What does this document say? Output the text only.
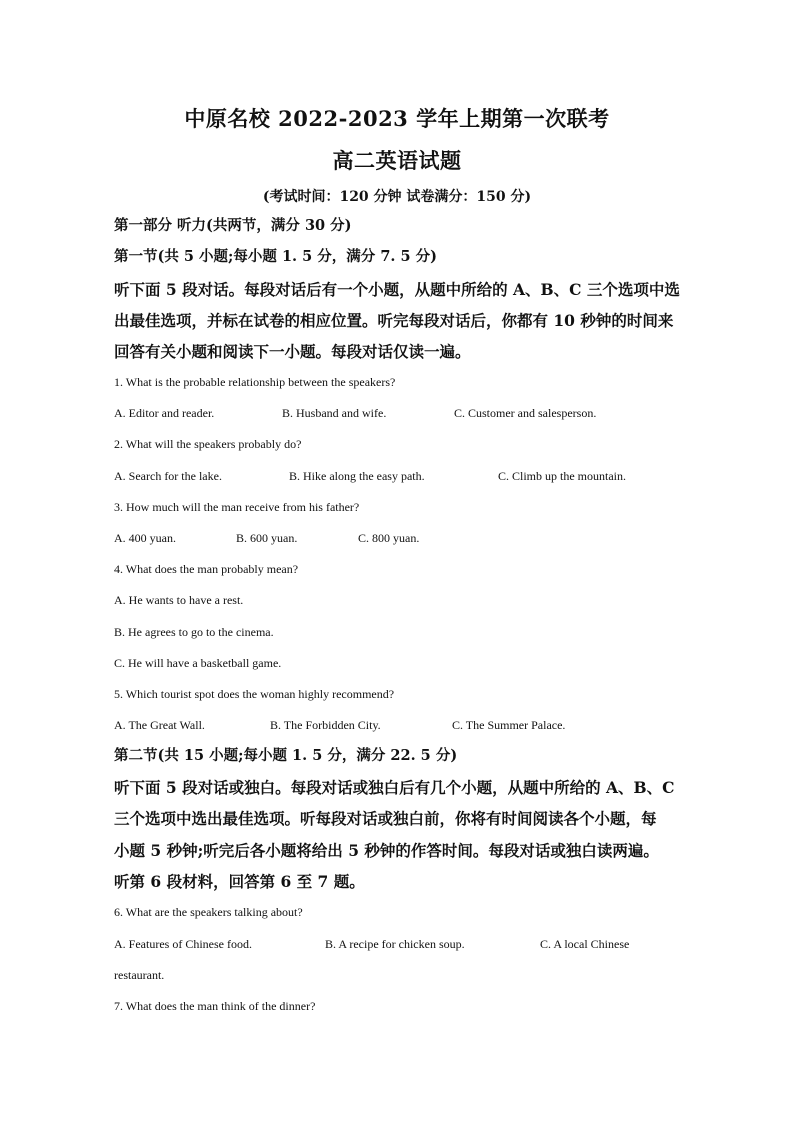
中原名校 2022-2023 学年上期第一次联考
高二英语试题
(考试时间：120 分钟 试卷满分：150 分)
第一部分 听力(共两节，满分 30 分)
第一节(共 5 小题;每小题 1. 5 分，满分 7. 5 分)
听下面 5 段对话。每段对话后有一个小题，从题中所给的 A、B、C 三个选项中选
出最佳选项，并标在试卷的相应位置。听完每段对话后，你都有 10 秒钟的时间来
回答有关小题和阅读下一小题。每段对话仅读一遍。
1. What is the probable relationship between the speakers?
A. Editor and reader.	B. Husband and wife.	C. Customer and salesperson.
2. What will the speakers probably do?
A. Search for the lake.	B. Hike along the easy path.	C. Climb up the mountain.
3. How much will the man receive from his father?
A. 400 yuan.	B. 600 yuan.	C. 800 yuan.
4. What does the man probably mean?
A. He wants to have a rest.
B. He agrees to go to the cinema.
C. He will have a basketball game.
5. Which tourist spot does the woman highly recommend?
A. The Great Wall.	B. The Forbidden City.	C. The Summer Palace.
第二节(共 15 小题;每小题 1. 5 分，满分 22. 5 分)
听下面 5 段对话或独白。每段对话或独白后有几个小题，从题中所给的 A、B、C
三个选项中选出最佳选项。听每段对话或独白前，你将有时间阅读各个小题，每
小题 5 秒钟;听完后各小题将给出 5 秒钟的作答时间。每段对话或独白读两遍。
听第 6 段材料，回答第 6 至 7 题。
6. What are the speakers talking about?
A. Features of Chinese food.	B. A recipe for chicken soup.	C. A local Chinese
restaurant.
7. What does the man think of the dinner?
